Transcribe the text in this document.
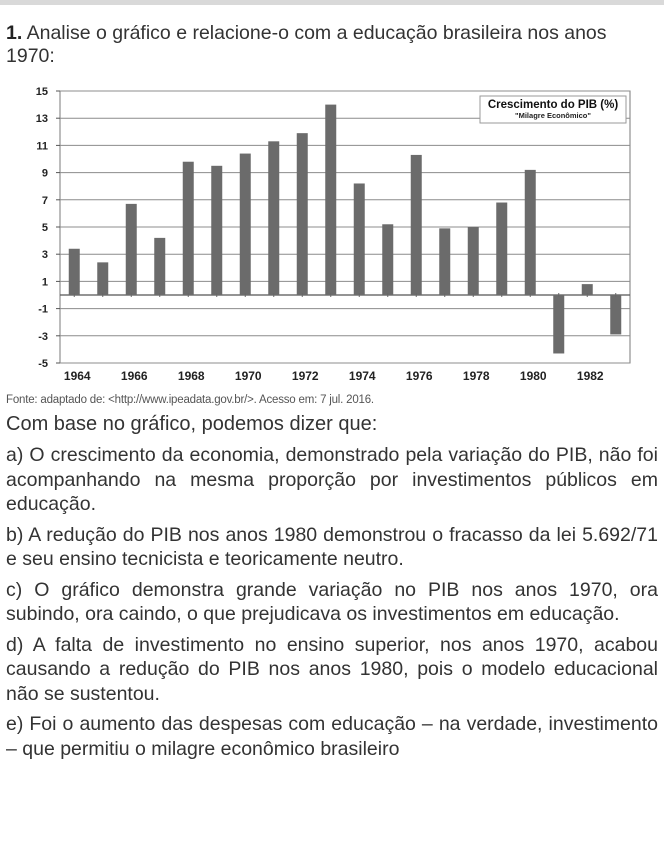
1. Analise o gráfico e relacione-o com a educação brasileira nos anos 1970:
15
13
11
9
7
5
3
1
-1
-3
-5
1964	1966	1968	1970	1972	1974	1976	1978	1980	1982
Crescimento do PIB (%)
"Milagre Econômico"
Fonte: adaptado de: <http://www.ipeadata.gov.br/>. Acesso em: 7 jul. 2016.
Com base no gráfico, podemos dizer que:

a) O crescimento da economia, demonstrado pela variação do PIB, não foi acompanhando na mesma proporção por investimentos públicos em educação.

b) A redução do PIB nos anos 1980 demonstrou o fracasso da lei 5.692/71 e seu ensino tecnicista e teoricamente neutro.

c) O gráfico demonstra grande variação no PIB nos anos 1970, ora subindo, ora caindo, o que prejudicava os investimentos em educação.

d) A falta de investimento no ensino superior, nos anos 1970, acabou causando a redução do PIB nos anos 1980, pois o modelo educacional não se sustentou.

e) Foi o aumento das despesas com educação – na verdade, investimento – que permitiu o milagre econômico brasileiro
